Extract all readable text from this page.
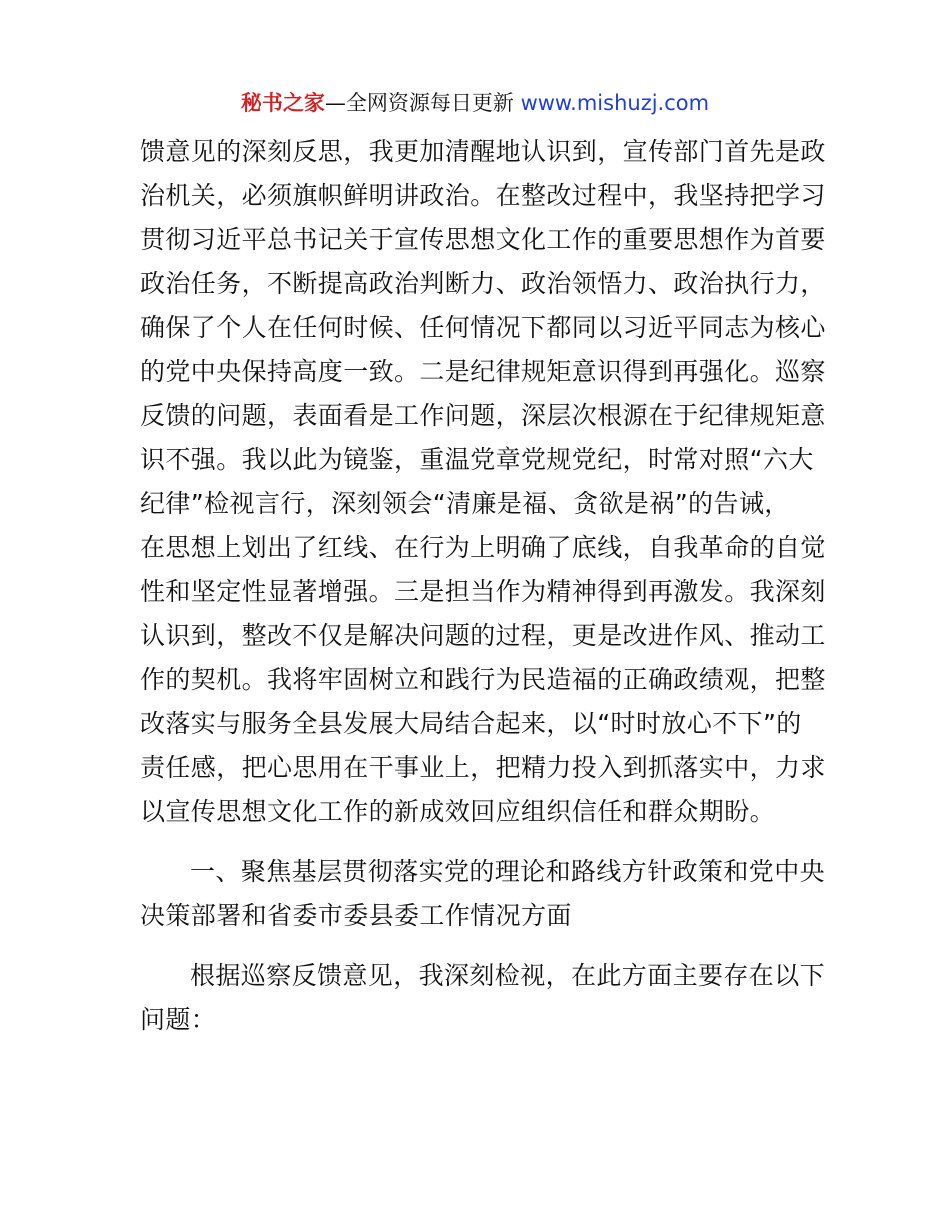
秘书之家—全网资源每日更新 www.mishuzj.com
馈意见的深刻反思，我更加清醒地认识到，宣传部门首先是政
治机关，必须旗帜鲜明讲政治。在整改过程中，我坚持把学习
贯彻习近平总书记关于宣传思想文化工作的重要思想作为首要
政治任务，不断提高政治判断力、政治领悟力、政治执行力，
确保了个人在任何时候、任何情况下都同以习近平同志为核心
的党中央保持高度一致。二是纪律规矩意识得到再强化。巡察
反馈的问题，表面看是工作问题，深层次根源在于纪律规矩意
识不强。我以此为镜鉴，重温党章党规党纪，时常对照“六大
纪律”检视言行，深刻领会“清廉是福、贪欲是祸”的告诫，
在思想上划出了红线、在行为上明确了底线，自我革命的自觉
性和坚定性显著增强。三是担当作为精神得到再激发。我深刻
认识到，整改不仅是解决问题的过程，更是改进作风、推动工
作的契机。我将牢固树立和践行为民造福的正确政绩观，把整
改落实与服务全县发展大局结合起来，以“时时放心不下”的
责任感，把心思用在干事业上，把精力投入到抓落实中，力求
以宣传思想文化工作的新成效回应组织信任和群众期盼。
一、聚焦基层贯彻落实党的理论和路线方针政策和党中央
决策部署和省委市委县委工作情况方面
根据巡察反馈意见，我深刻检视，在此方面主要存在以下
问题：
